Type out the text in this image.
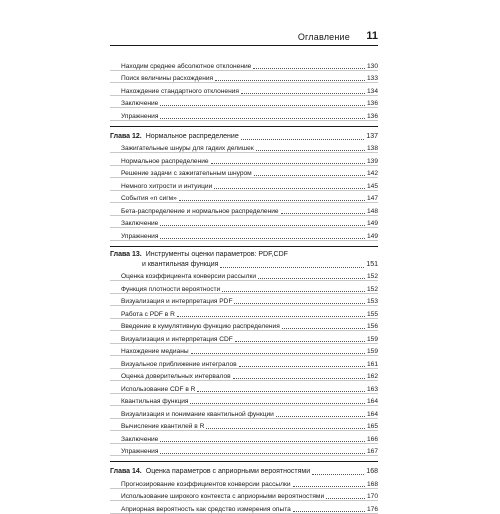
Оглавление 11
Находим среднее абсолютное отклонение	130
Поиск величины расхождения	133
Нахождение стандартного отклонения	134
Заключение	136
Упражнения	136
Глава 12. Нормальное распределение	137
Зажигательные шнуры для гадких делишек	138
Нормальное распределение	139
Решение задачи с зажигательным шнуром	142
Немного хитрости и интуиции	145
События «n сигм»	147
Бета-распределение и нормальное распределение	148
Заключение	149
Упражнения	149
Глава 13. Инструменты оценки параметров: PDF,CDF
и квантильная функция	151
Оценка коэффициента конверсии рассылки	152
Функция плотности вероятности	152
Визуализация и интерпретация PDF	153
Работа с PDF в R	155
Введение в кумулятивную функцию распределения	156
Визуализация и интерпретация CDF	159
Нахождение медианы	159
Визуальное приближение интегралов	161
Оценка доверительных интервалов	162
Использование CDF в R	163
Квантильная функция	164
Визуализация и понимание квантильной функции	164
Вычисление квантилей в R	165
Заключение	166
Упражнения	167
Глава 14. Оценка параметров с априорными вероятностями	168
Прогнозирование коэффициентов конверсии рассылки	168
Использование широкого контекста с априорными вероятностями	170
Априорная вероятность как средство измерения опыта	176
